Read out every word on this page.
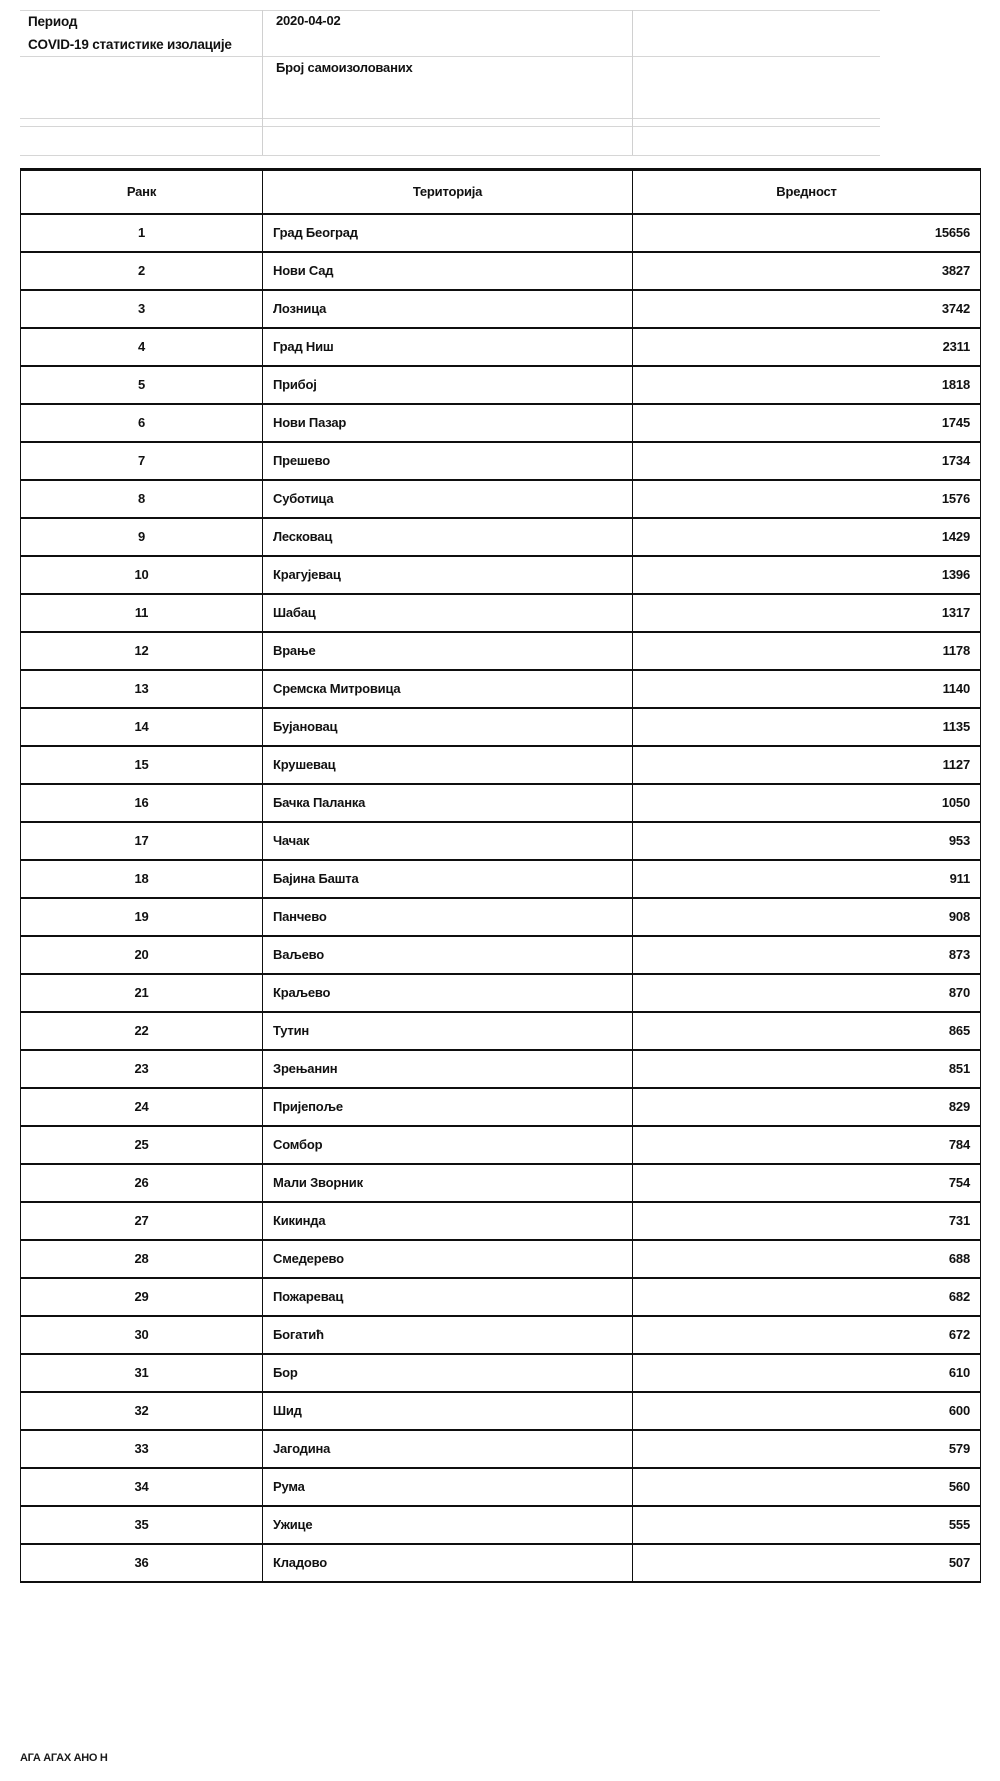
Период	2020-04-02
COVID-19 статистике изолације
Број самоизолованих
Ранк	Територија	Вредност
1	Град Београд	15656
2	Нови Сад	3827
3	Лозница	3742
4	Град Ниш	2311
5	Прибој	1818
6	Нови Пазар	1745
7	Прешево	1734
8	Суботица	1576
9	Лесковац	1429
10	Крагујевац	1396
11	Шабац	1317
12	Врање	1178
13	Сремска Митровица	1140
14	Бујановац	1135
15	Крушевац	1127
16	Бачка Паланка	1050
17	Чачак	953
18	Бајина Башта	911
19	Панчево	908
20	Ваљево	873
21	Краљево	870
22	Тутин	865
23	Зрењанин	851
24	Пријепоље	829
25	Сомбор	784
26	Мали Зворник	754
27	Кикинда	731
28	Смедерево	688
29	Пожаревац	682
30	Богатић	672
31	Бор	610
32	Шид	600
33	Јагодина	579
34	Рума	560
35	Ужице	555
36	Кладово	507
АГА АГАХ АНО Н
